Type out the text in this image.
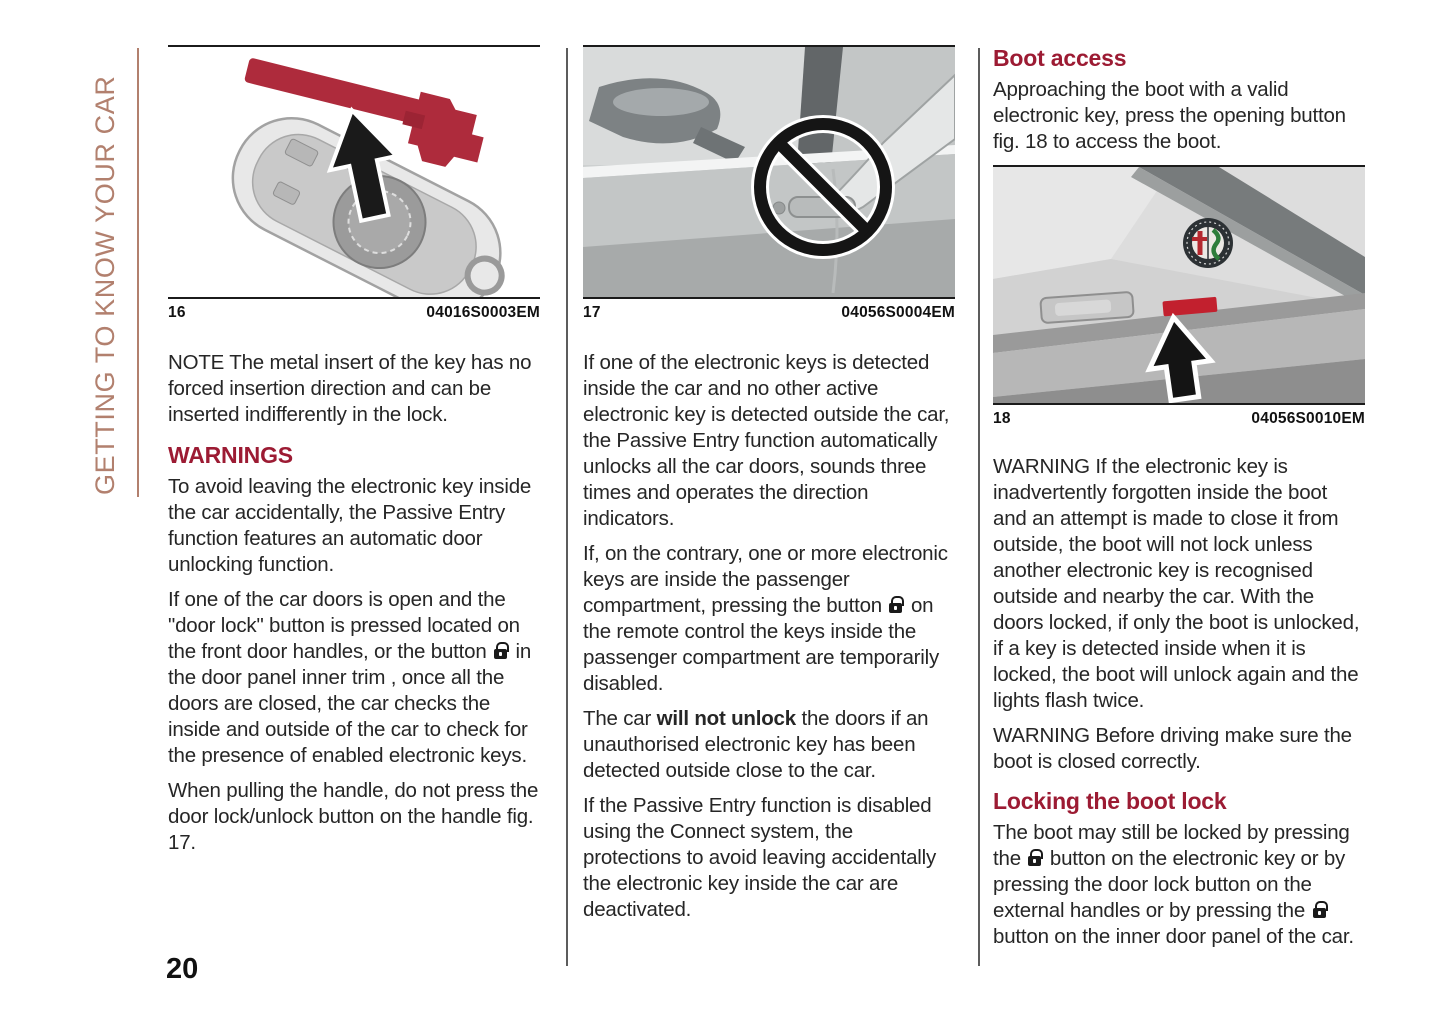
GETTING TO KNOW YOUR CAR	16	04016S0003EM

NOTE The metal insert of the key has no forced insertion direction and can be inserted indifferently in the lock.

WARNINGS

To avoid leaving the electronic key inside the car accidentally, the Passive Entry function features an automatic door unlocking function.

If one of the car doors is open and the "door lock" button is pressed located on the front door handles, or the button  in the door panel inner trim , once all the doors are closed, the car checks the inside and outside of the car to check for the presence of enabled electronic keys.

When pulling the handle, do not press the door lock/unlock button on the handle fig. 17.

17	04056S0004EM

If one of the electronic keys is detected inside the car and no other active electronic key is detected outside the car, the Passive Entry function automatically unlocks all the car doors, sounds three times and operates the direction indicators.

If, on the contrary, one or more electronic keys are inside the passenger compartment, pressing the button  on the remote control the keys inside the passenger compartment are temporarily disabled.

The car will not unlock the doors if an unauthorised electronic key has been detected outside close to the car.

If the Passive Entry function is disabled using the Connect system, the protections to avoid leaving accidentally the electronic key inside the car are deactivated.

Boot access

Approaching the boot with a valid electronic key, press the opening button fig. 18 to access the boot.

18	04056S0010EM

WARNING If the electronic key is inadvertently forgotten inside the boot and an attempt is made to close it from outside, the boot will not lock unless another electronic key is recognised outside and nearby the car. With the doors locked, if only the boot is unlocked, if a key is detected inside when it is locked, the boot will unlock again and the lights flash twice.

WARNING Before driving make sure the boot is closed correctly.

Locking the boot lock

The boot may still be locked by pressing the  button on the electronic key or by pressing the door lock button on the external handles or by pressing the  button on the inner door panel of the car.

20
